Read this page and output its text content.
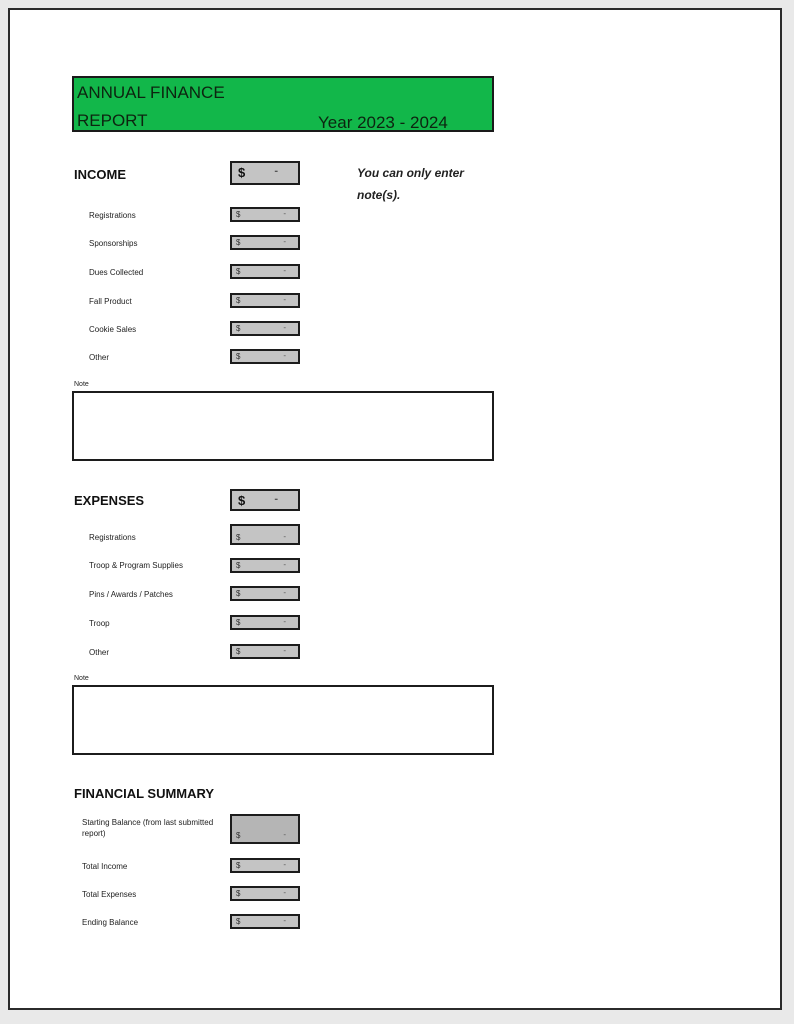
ANNUAL FINANCE
REPORT	Year 2023 - 2024
INCOME	$	-	You can only enter note(s).
Registrations	$	-
Sponsorships	$	-
Dues Collected	$	-
Fall Product	$	-
Cookie Sales	$	-
Other	$	-
Note
EXPENSES	$	-
Registrations	$	-
Troop & Program Supplies	$	-
Pins / Awards / Patches	$	-
Troop	$	-
Other	$	-
Note
FINANCIAL SUMMARY
Starting Balance (from last submitted report)	$	-
Total Income	$	-
Total Expenses	$	-
Ending Balance	$	-
